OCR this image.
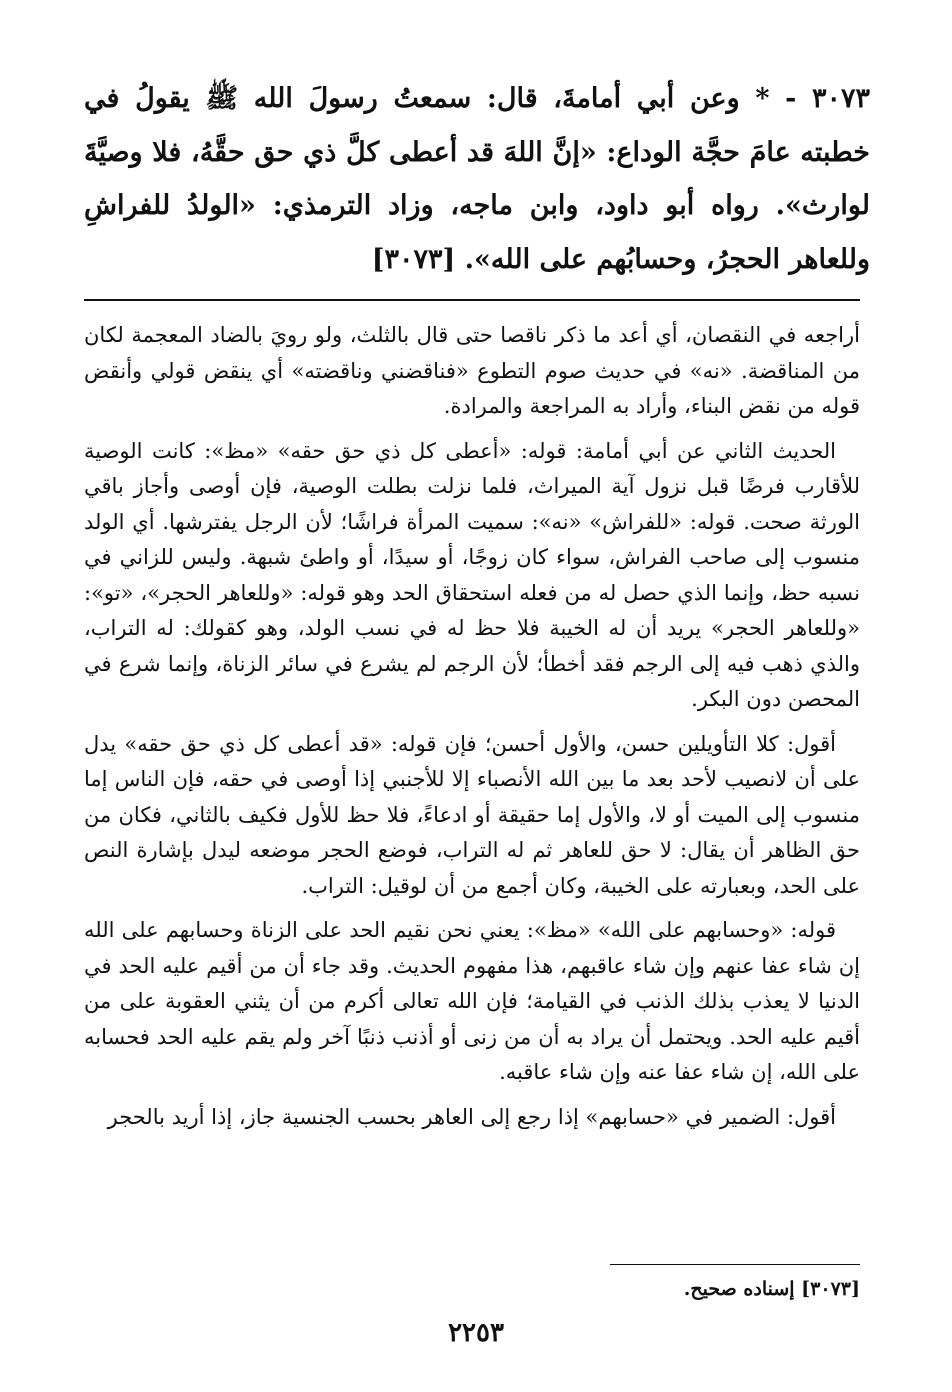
٣٠٧٣ - * وعن أبي أمامةَ، قال: سمعتُ رسولَ الله ﷺ يقولُ في خطبته عامَ حجَّة الوداع: «إنَّ اللهَ قد أعطى كلَّ ذي حق حقَّهُ، فلا وصيَّةَ لوارث». رواه أبو داود، وابن ماجه، وزاد الترمذي: «الولدُ للفراشِ وللعاهر الحجرُ، وحسابُهم على الله». [٣٠٧٣]

أراجعه في النقصان، أي أعد ما ذكر ناقصا حتى قال بالثلث، ولو رويَ بالضاد المعجمة لكان من المناقضة. «نه» في حديث صوم التطوع «فناقضني وناقضته» أي ينقض قولي وأنقض قوله من نقض البناء، وأراد به المراجعة والمرادة.

الحديث الثاني عن أبي أمامة: قوله: «أعطى كل ذي حق حقه» «مظ»: كانت الوصية للأقارب فرضًا قبل نزول آية الميراث، فلما نزلت بطلت الوصية، فإن أوصى وأجاز باقي الورثة صحت. قوله: «للفراش» «نه»: سميت المرأة فراشًا؛ لأن الرجل يفترشها. أي الولد منسوب إلى صاحب الفراش، سواء كان زوجًا، أو سيدًا، أو واطئ شبهة. وليس للزاني في نسبه حظ، وإنما الذي حصل له من فعله استحقاق الحد وهو قوله: «وللعاهر الحجر»، «تو»: «وللعاهر الحجر» يريد أن له الخيبة فلا حظ له في نسب الولد، وهو كقولك: له التراب، والذي ذهب فيه إلى الرجم فقد أخطأ؛ لأن الرجم لم يشرع في سائر الزناة، وإنما شرع في المحصن دون البكر.

أقول: كلا التأويلين حسن، والأول أحسن؛ فإن قوله: «قد أعطى كل ذي حق حقه» يدل على أن لانصيب لأحد بعد ما بين الله الأنصباء إلا للأجنبي إذا أوصى في حقه، فإن الناس إما منسوب إلى الميت أو لا، والأول إما حقيقة أو ادعاءً، فلا حظ للأول فكيف بالثاني، فكان من حق الظاهر أن يقال: لا حق للعاهر ثم له التراب، فوضع الحجر موضعه ليدل بإشارة النص على الحد، وبعبارته على الخيبة، وكان أجمع من أن لوقيل: التراب.

قوله: «وحسابهم على الله» «مظ»: يعني نحن نقيم الحد على الزناة وحسابهم على الله إن شاء عفا عنهم وإن شاء عاقبهم، هذا مفهوم الحديث. وقد جاء أن من أقيم عليه الحد في الدنيا لا يعذب بذلك الذنب في القيامة؛ فإن الله تعالى أكرم من أن يثني العقوبة على من أقيم عليه الحد. ويحتمل أن يراد به أن من زنى أو أذنب ذنبًا آخر ولم يقم عليه الحد فحسابه على الله، إن شاء عفا عنه وإن شاء عاقبه.

أقول: الضمير في «حسابهم» إذا رجع إلى العاهر بحسب الجنسية جاز، إذا أريد بالحجر

[٣٠٧٣] إسناده صحيح.
٢٢٥٣
